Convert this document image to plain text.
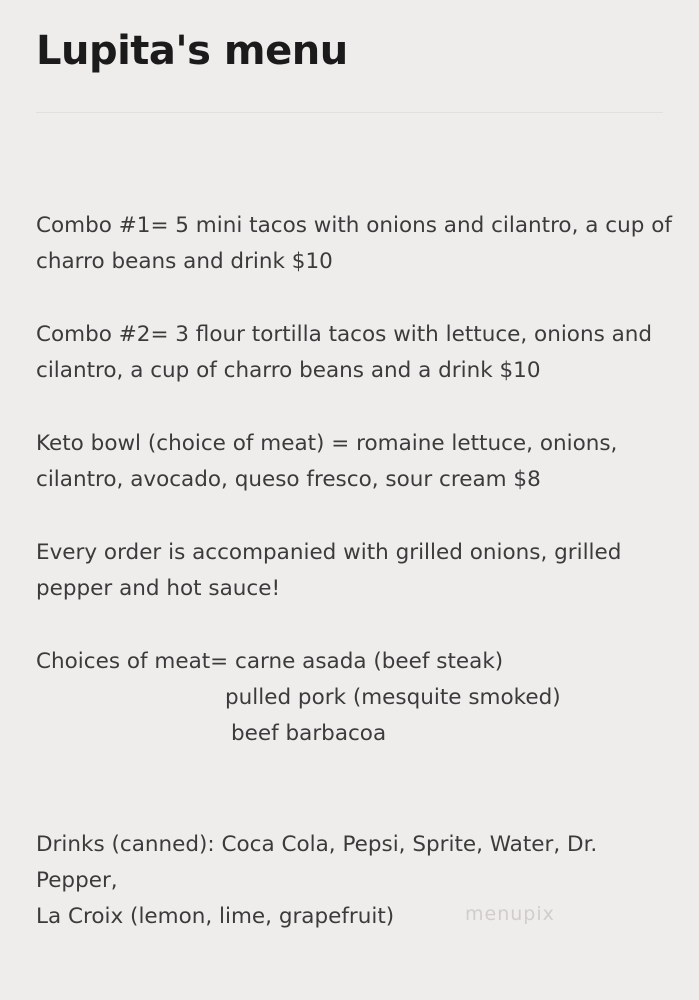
Lupita's menu

Combo #1= 5 mini tacos with onions and cilantro, a cup of
charro beans and drink $10

Combo #2= 3 flour tortilla tacos with lettuce, onions and
cilantro, a cup of charro beans and a drink $10

Keto bowl (choice of meat) = romaine lettuce, onions,
cilantro, avocado, queso fresco, sour cream $8

Every order is accompanied with grilled onions, grilled
pepper and hot sauce!

Choices of meat= carne asada (beef steak)
pulled pork (mesquite smoked)
beef barbacoa

Drinks (canned): Coca Cola, Pepsi, Sprite, Water, Dr.
Pepper,
La Croix (lemon, lime, grapefruit)	menupix
